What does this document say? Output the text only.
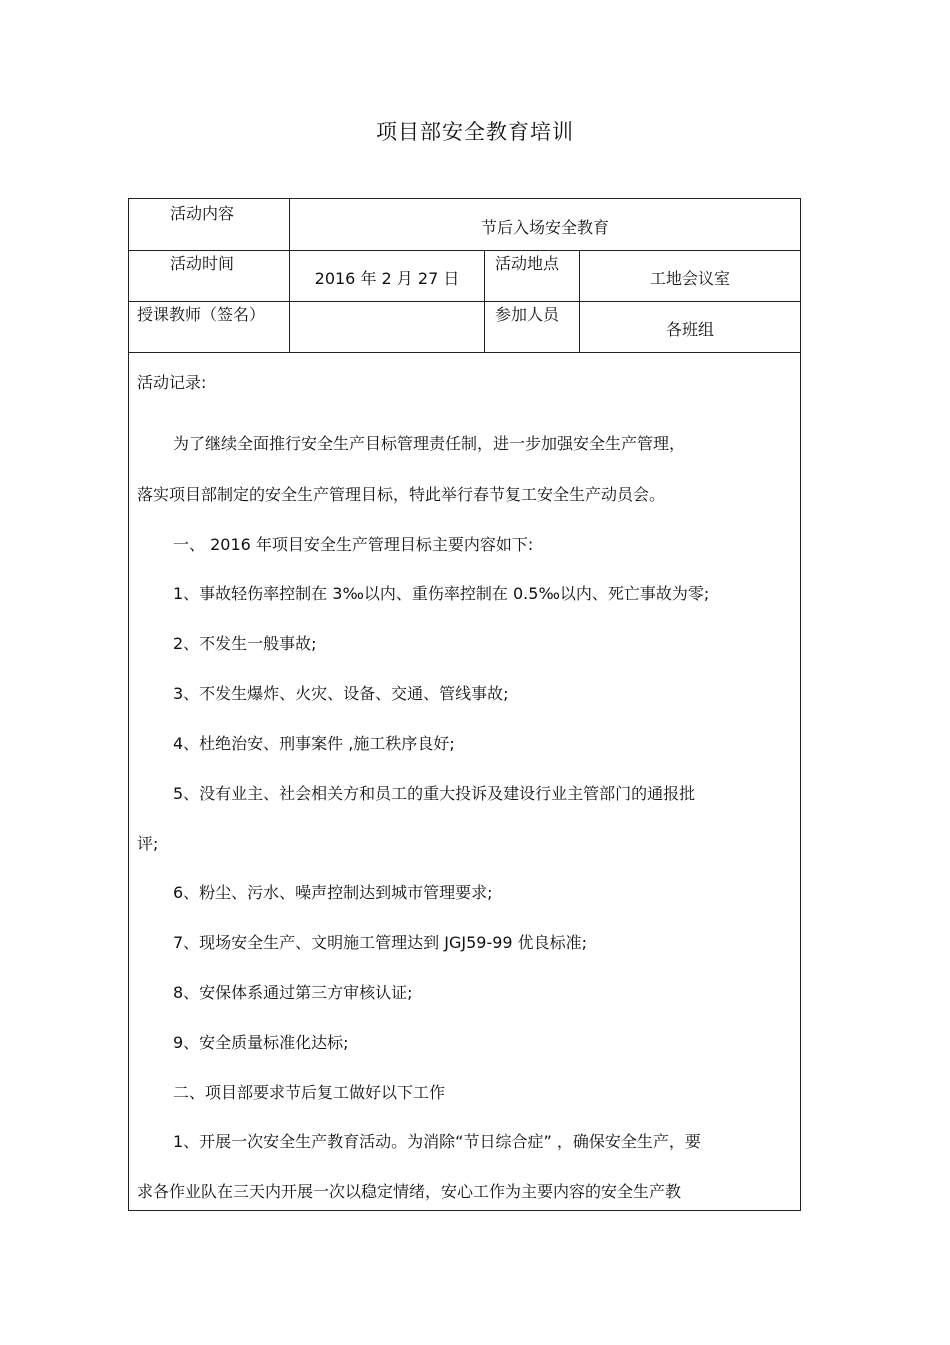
项目部安全教育培训
活动内容
节后入场安全教育
活动时间
2016 年 2 月 27 日
活动地点
工地会议室
授课教师（签名）	参加人员
各班组
活动记录:
为了继续全面推行安全生产目标管理责任制，进一步加强安全生产管理，
落实项目部制定的安全生产管理目标，特此举行春节复工安全生产动员会。
一、 2016 年项目安全生产管理目标主要内容如下:
1、事故轻伤率控制在 3‰以内、重伤率控制在 0.5‰以内、死亡事故为零;
2、不发生一般事故;
3、不发生爆炸、火灾、设备、交通、管线事故;
4、杜绝治安、刑事案件 ,施工秩序良好;
5、没有业主、社会相关方和员工的重大投诉及建设行业主管部门的通报批
评;
6、粉尘、污水、噪声控制达到城市管理要求;
7、现场安全生产、文明施工管理达到 JGJ59-99 优良标准;
8、安保体系通过第三方审核认证;
9、安全质量标准化达标;
二、项目部要求节后复工做好以下工作
1、开展一次安全生产教育活动。为消除“节日综合症” ，确保安全生产，要
求各作业队在三天内开展一次以稳定情绪，安心工作为主要内容的安全生产教
